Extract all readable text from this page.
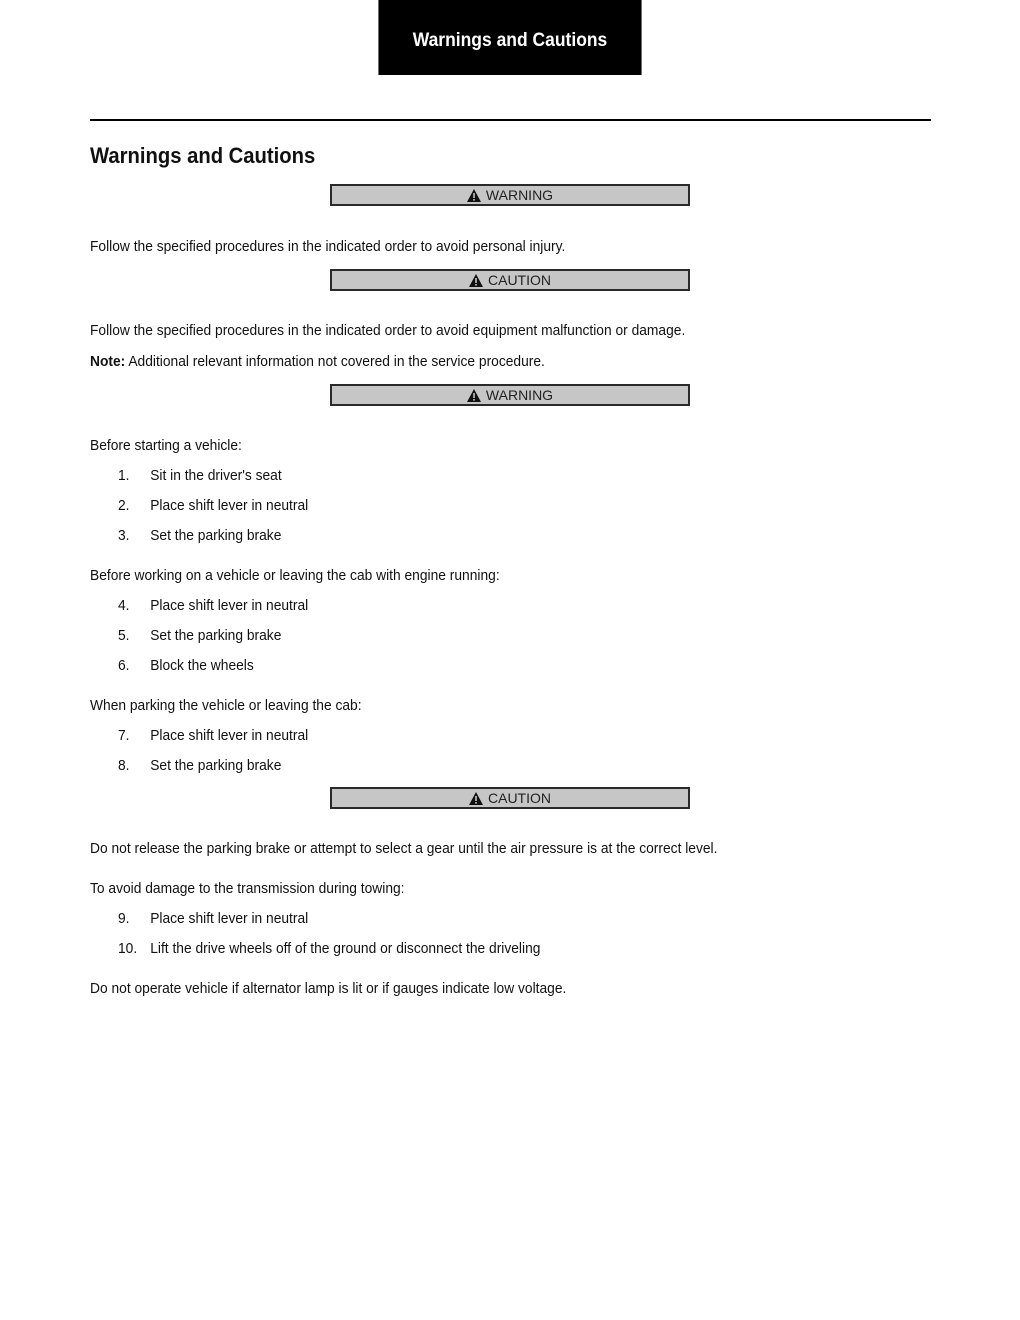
Warnings and Cautions
Warnings and Cautions
WARNING

Follow the specified procedures in the indicated order to avoid personal injury.

CAUTION

Follow the specified procedures in the indicated order to avoid equipment malfunction or damage.

Note: Additional relevant information not covered in the service procedure.

WARNING

Before starting a vehicle:

1. Sit in the driver's seat
2. Place shift lever in neutral
3. Set the parking brake

Before working on a vehicle or leaving the cab with engine running:

4. Place shift lever in neutral
5. Set the parking brake
6. Block the wheels

When parking the vehicle or leaving the cab:

7. Place shift lever in neutral
8. Set the parking brake
CAUTION

Do not release the parking brake or attempt to select a gear until the air pressure is at the correct level.

To avoid damage to the transmission during towing:

9. Place shift lever in neutral
10. Lift the drive wheels off of the ground or disconnect the driveling

Do not operate vehicle if alternator lamp is lit or if gauges indicate low voltage.
